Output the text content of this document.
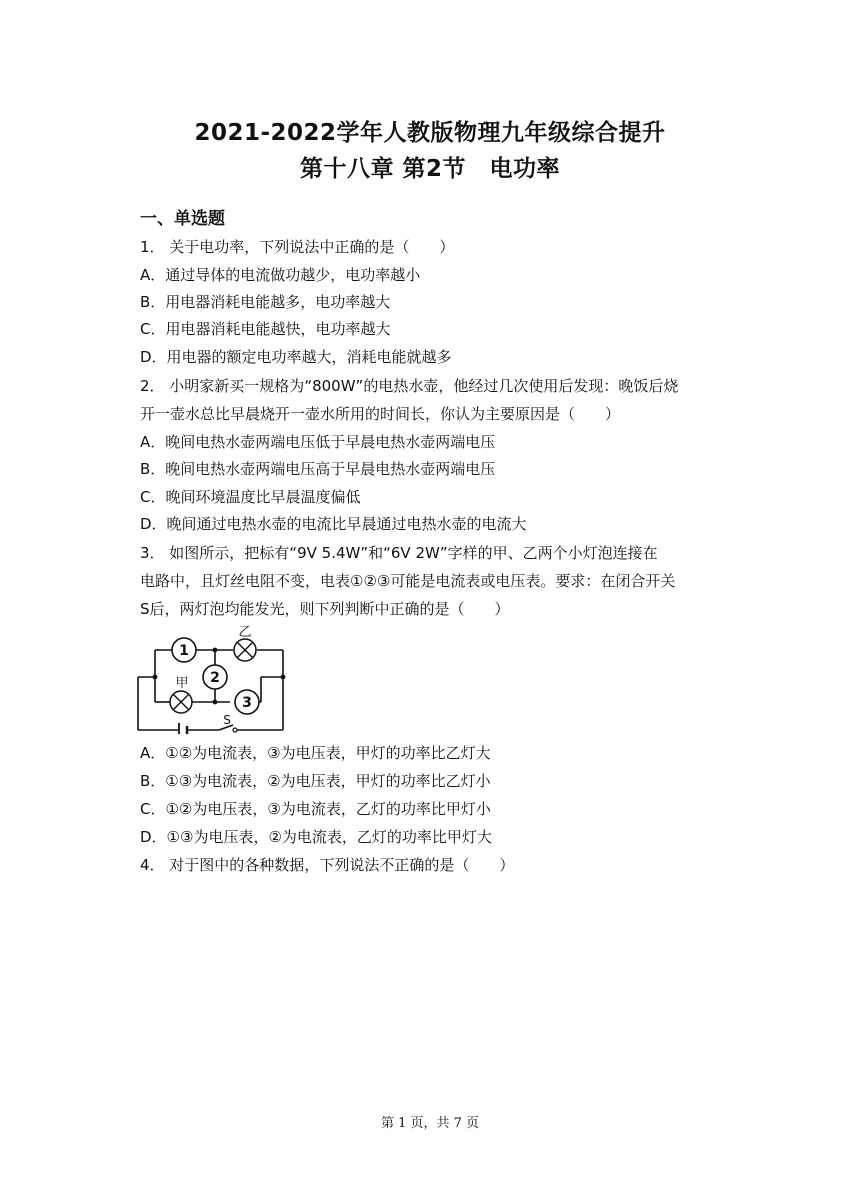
2021-2022学年人教版物理九年级综合提升
第十八章 第2节　电功率
一、单选题
1． 关于电功率，下列说法中正确的是（　　）
A．通过导体的电流做功越少，电功率越小
B．用电器消耗电能越多，电功率越大
C．用电器消耗电能越快，电功率越大
D．用电器的额定电功率越大，消耗电能就越多
2． 小明家新买一规格为“800W”的电热水壶，他经过几次使用后发现：晚饭后烧
开一壶水总比早晨烧开一壶水所用的时间长，你认为主要原因是（　　）
A．晚间电热水壶两端电压低于早晨电热水壶两端电压
B．晚间电热水壶两端电压高于早晨电热水壶两端电压
C．晚间环境温度比早晨温度偏低
D．晚间通过电热水壶的电流比早晨通过电热水壶的电流大
3． 如图所示，把标有“9V 5.4W”和“6V 2W”字样的甲、乙两个小灯泡连接在
电路中，且灯丝电阻不变，电表①②③可能是电流表或电压表。要求：在闭合开关
S后，两灯泡均能发光，则下列判断中正确的是（　　）
1
2
3
乙
甲
S
A．①②为电流表，③为电压表，甲灯的功率比乙灯大
B．①③为电流表，②为电压表，甲灯的功率比乙灯小
C．①②为电压表，③为电流表，乙灯的功率比甲灯小
D．①③为电压表，②为电流表，乙灯的功率比甲灯大
4． 对于图中的各种数据，下列说法不正确的是（　　）
第 1 页，共 7 页
